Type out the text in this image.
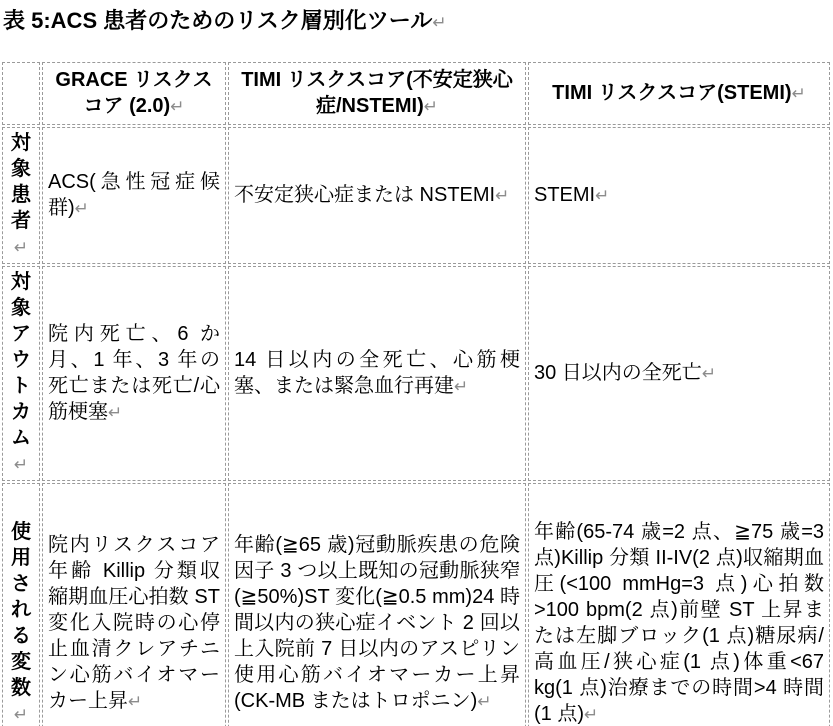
表 5:ACS 患者のためのリスク層別化ツール↵
	GRACE リスクスコア (2.0)↵	TIMI リスクスコア(不安定狭心症/NSTEMI)↵	TIMI リスクスコア(STEMI)↵
対象患者↵	ACS(急性冠症候群)↵	不安定狭心症または NSTEMI↵	STEMI↵
対象アウトカム↵	院内死亡、6 か月、1 年、3 年の死亡または死亡/心筋梗塞↵	14 日以内の全死亡、心筋梗塞、または緊急血行再建↵	30 日以内の全死亡↵
使用される変数↵	院内リスクスコア年齢 Killip 分類収縮期血圧心拍数 ST 変化入院時の心停止血清クレアチニン心筋バイオマーカー上昇↵	年齢(≧65 歳)冠動脈疾患の危険因子 3 つ以上既知の冠動脈狭窄(≧50%)ST 変化(≧0.5 mm)24 時間以内の狭心症イベント 2 回以上入院前 7 日以内のアスピリン使用心筋バイオマーカー上昇(CK-MB またはトロポニン)↵	年齢(65-74 歳=2 点、≧75 歳=3 点)Killip 分類 II-IV(2 点)収縮期血圧(<100 mmHg=3 点)心拍数>100 bpm(2 点)前壁 ST 上昇または左脚ブロック(1 点)糖尿病/高血圧/狭心症(1 点)体重<67 kg(1 点)治療までの時間>4 時間(1 点)↵
